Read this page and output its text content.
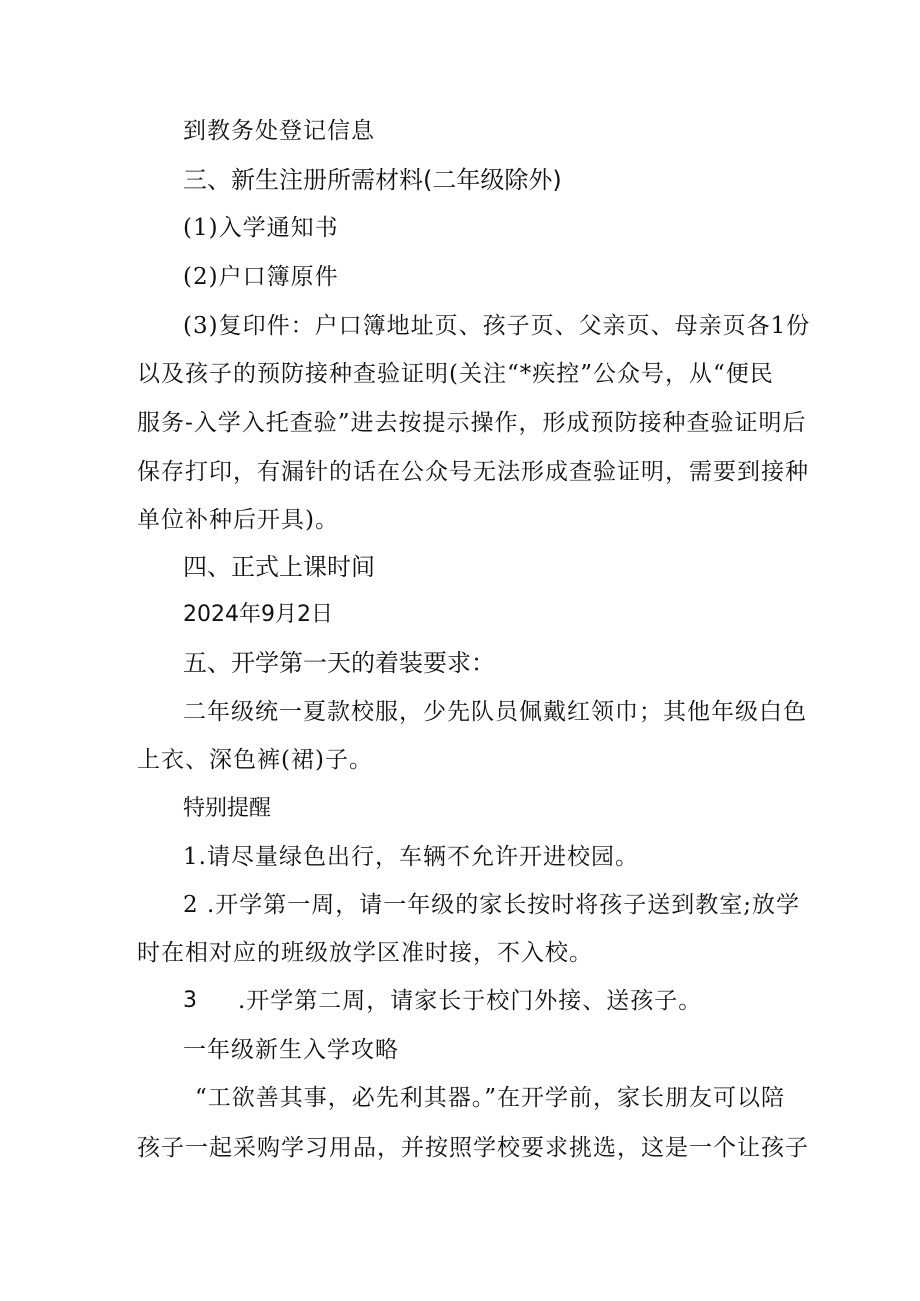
到教务处登记信息
三、新生注册所需材料(二年级除外)
(1)入学通知书
(2)户口簿原件
(3)复印件：户口簿地址页、孩子页、父亲页、母亲页各1份
以及孩子的预防接种查验证明(关注“*疾控”公众号，从“便民
服务-入学入托查验”进去按提示操作，形成预防接种查验证明后
保存打印，有漏针的话在公众号无法形成查验证明，需要到接种
单位补种后开具)。
四、正式上课时间
2024年9月2日
五、开学第一天的着装要求：
二年级统一夏款校服，少先队员佩戴红领巾；其他年级白色
上衣、深色裤(裙)子。
特别提醒
1.请尽量绿色出行，车辆不允许开进校园。
2 .开学第一周，请一年级的家长按时将孩子送到教室;放学
时在相对应的班级放学区准时接，不入校。
3 .开学第二周，请家长于校门外接、送孩子。
一年级新生入学攻略
“工欲善其事，必先利其器。”在开学前，家长朋友可以陪
孩子一起采购学习用品，并按照学校要求挑选，这是一个让孩子
